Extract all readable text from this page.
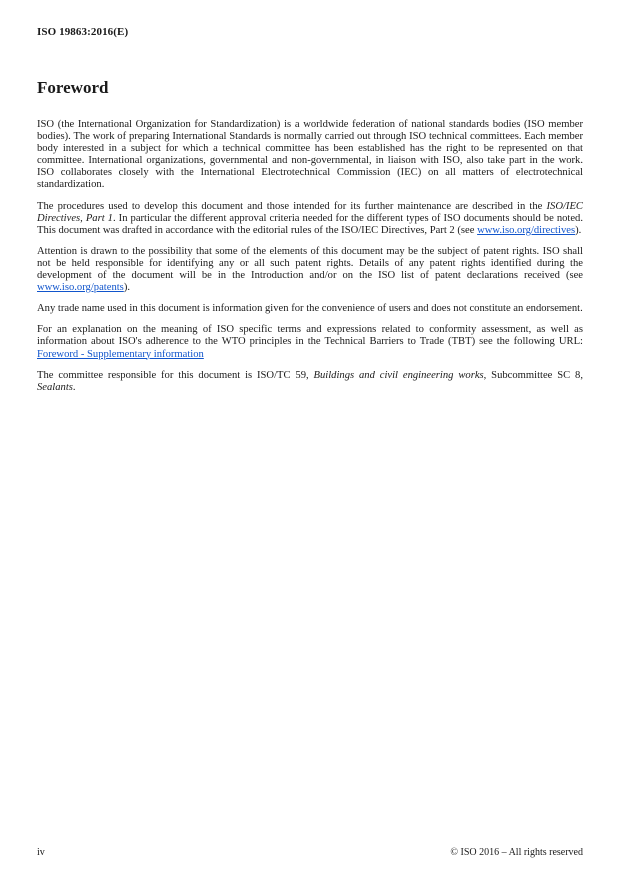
ISO 19863:2016(E)
Foreword

ISO (the International Organization for Standardization) is a worldwide federation of national standards bodies (ISO member bodies). The work of preparing International Standards is normally carried out through ISO technical committees. Each member body interested in a subject for which a technical committee has been established has the right to be represented on that committee. International organizations, governmental and non-governmental, in liaison with ISO, also take part in the work. ISO collaborates closely with the International Electrotechnical Commission (IEC) on all matters of electrotechnical standardization.

The procedures used to develop this document and those intended for its further maintenance are described in the ISO/IEC Directives, Part 1. In particular the different approval criteria needed for the different types of ISO documents should be noted. This document was drafted in accordance with the editorial rules of the ISO/IEC Directives, Part 2 (see www.iso.org/directives).

Attention is drawn to the possibility that some of the elements of this document may be the subject of patent rights. ISO shall not be held responsible for identifying any or all such patent rights. Details of any patent rights identified during the development of the document will be in the Introduction and/or on the ISO list of patent declarations received (see www.iso.org/patents).

Any trade name used in this document is information given for the convenience of users and does not constitute an endorsement.

For an explanation on the meaning of ISO specific terms and expressions related to conformity assessment, as well as information about ISO's adherence to the WTO principles in the Technical Barriers to Trade (TBT) see the following URL: Foreword - Supplementary information

The committee responsible for this document is ISO/TC 59, Buildings and civil engineering works, Subcommittee SC 8, Sealants.

iv	© ISO 2016 – All rights reserved
